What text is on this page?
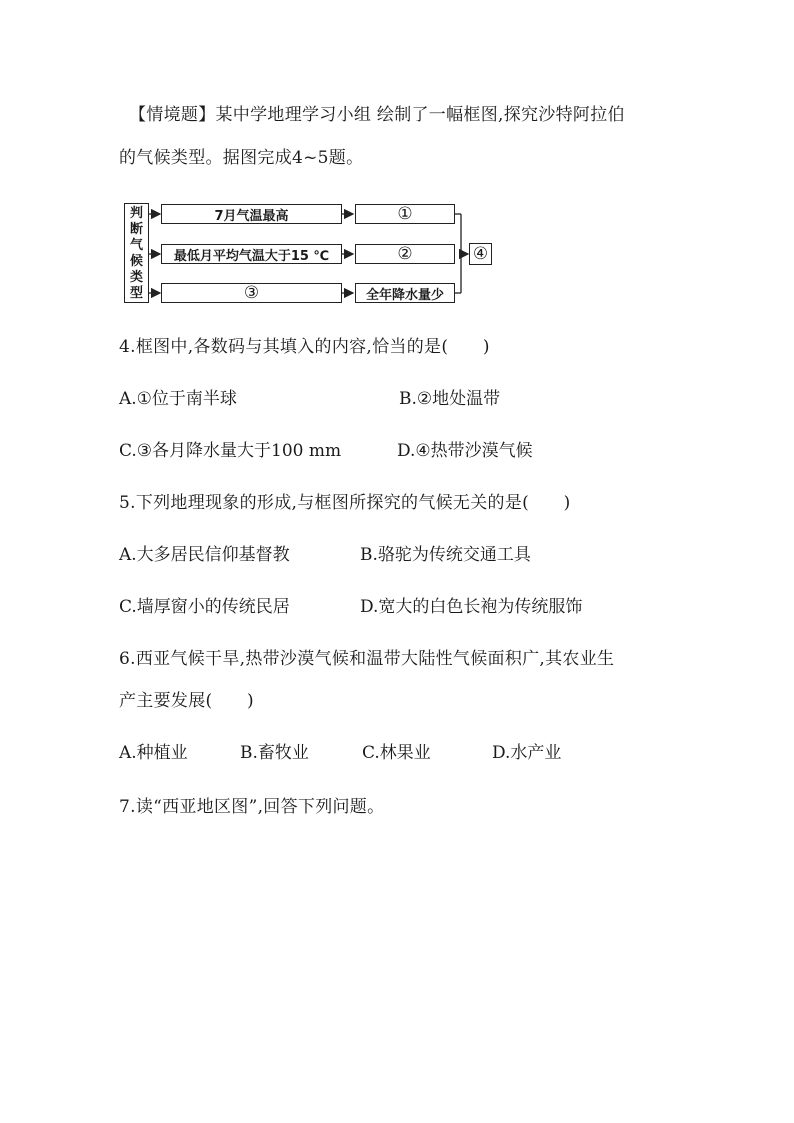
【情境题】某中学地理学习小组 绘制了一幅框图,探究沙特阿拉伯
的气候类型。据图完成4~5题。
判
断
气
候
类
型
7月气温最高	①
最低月平均气温大于15 ℃	②
③	全年降水量少
④
4.框图中,各数码与其填入的内容,恰当的是(　　)
A.①位于南半球	B.②地处温带
C.③各月降水量大于100 mm	D.④热带沙漠气候
5.下列地理现象的形成,与框图所探究的气候无关的是(　　)
A.大多居民信仰基督教	B.骆驼为传统交通工具
C.墙厚窗小的传统民居	D.宽大的白色长袍为传统服饰
6.西亚气候干旱,热带沙漠气候和温带大陆性气候面积广,其农业生
产主要发展(　　)
A.种植业	B.畜牧业	C.林果业	D.水产业
7.读“西亚地区图”,回答下列问题。
